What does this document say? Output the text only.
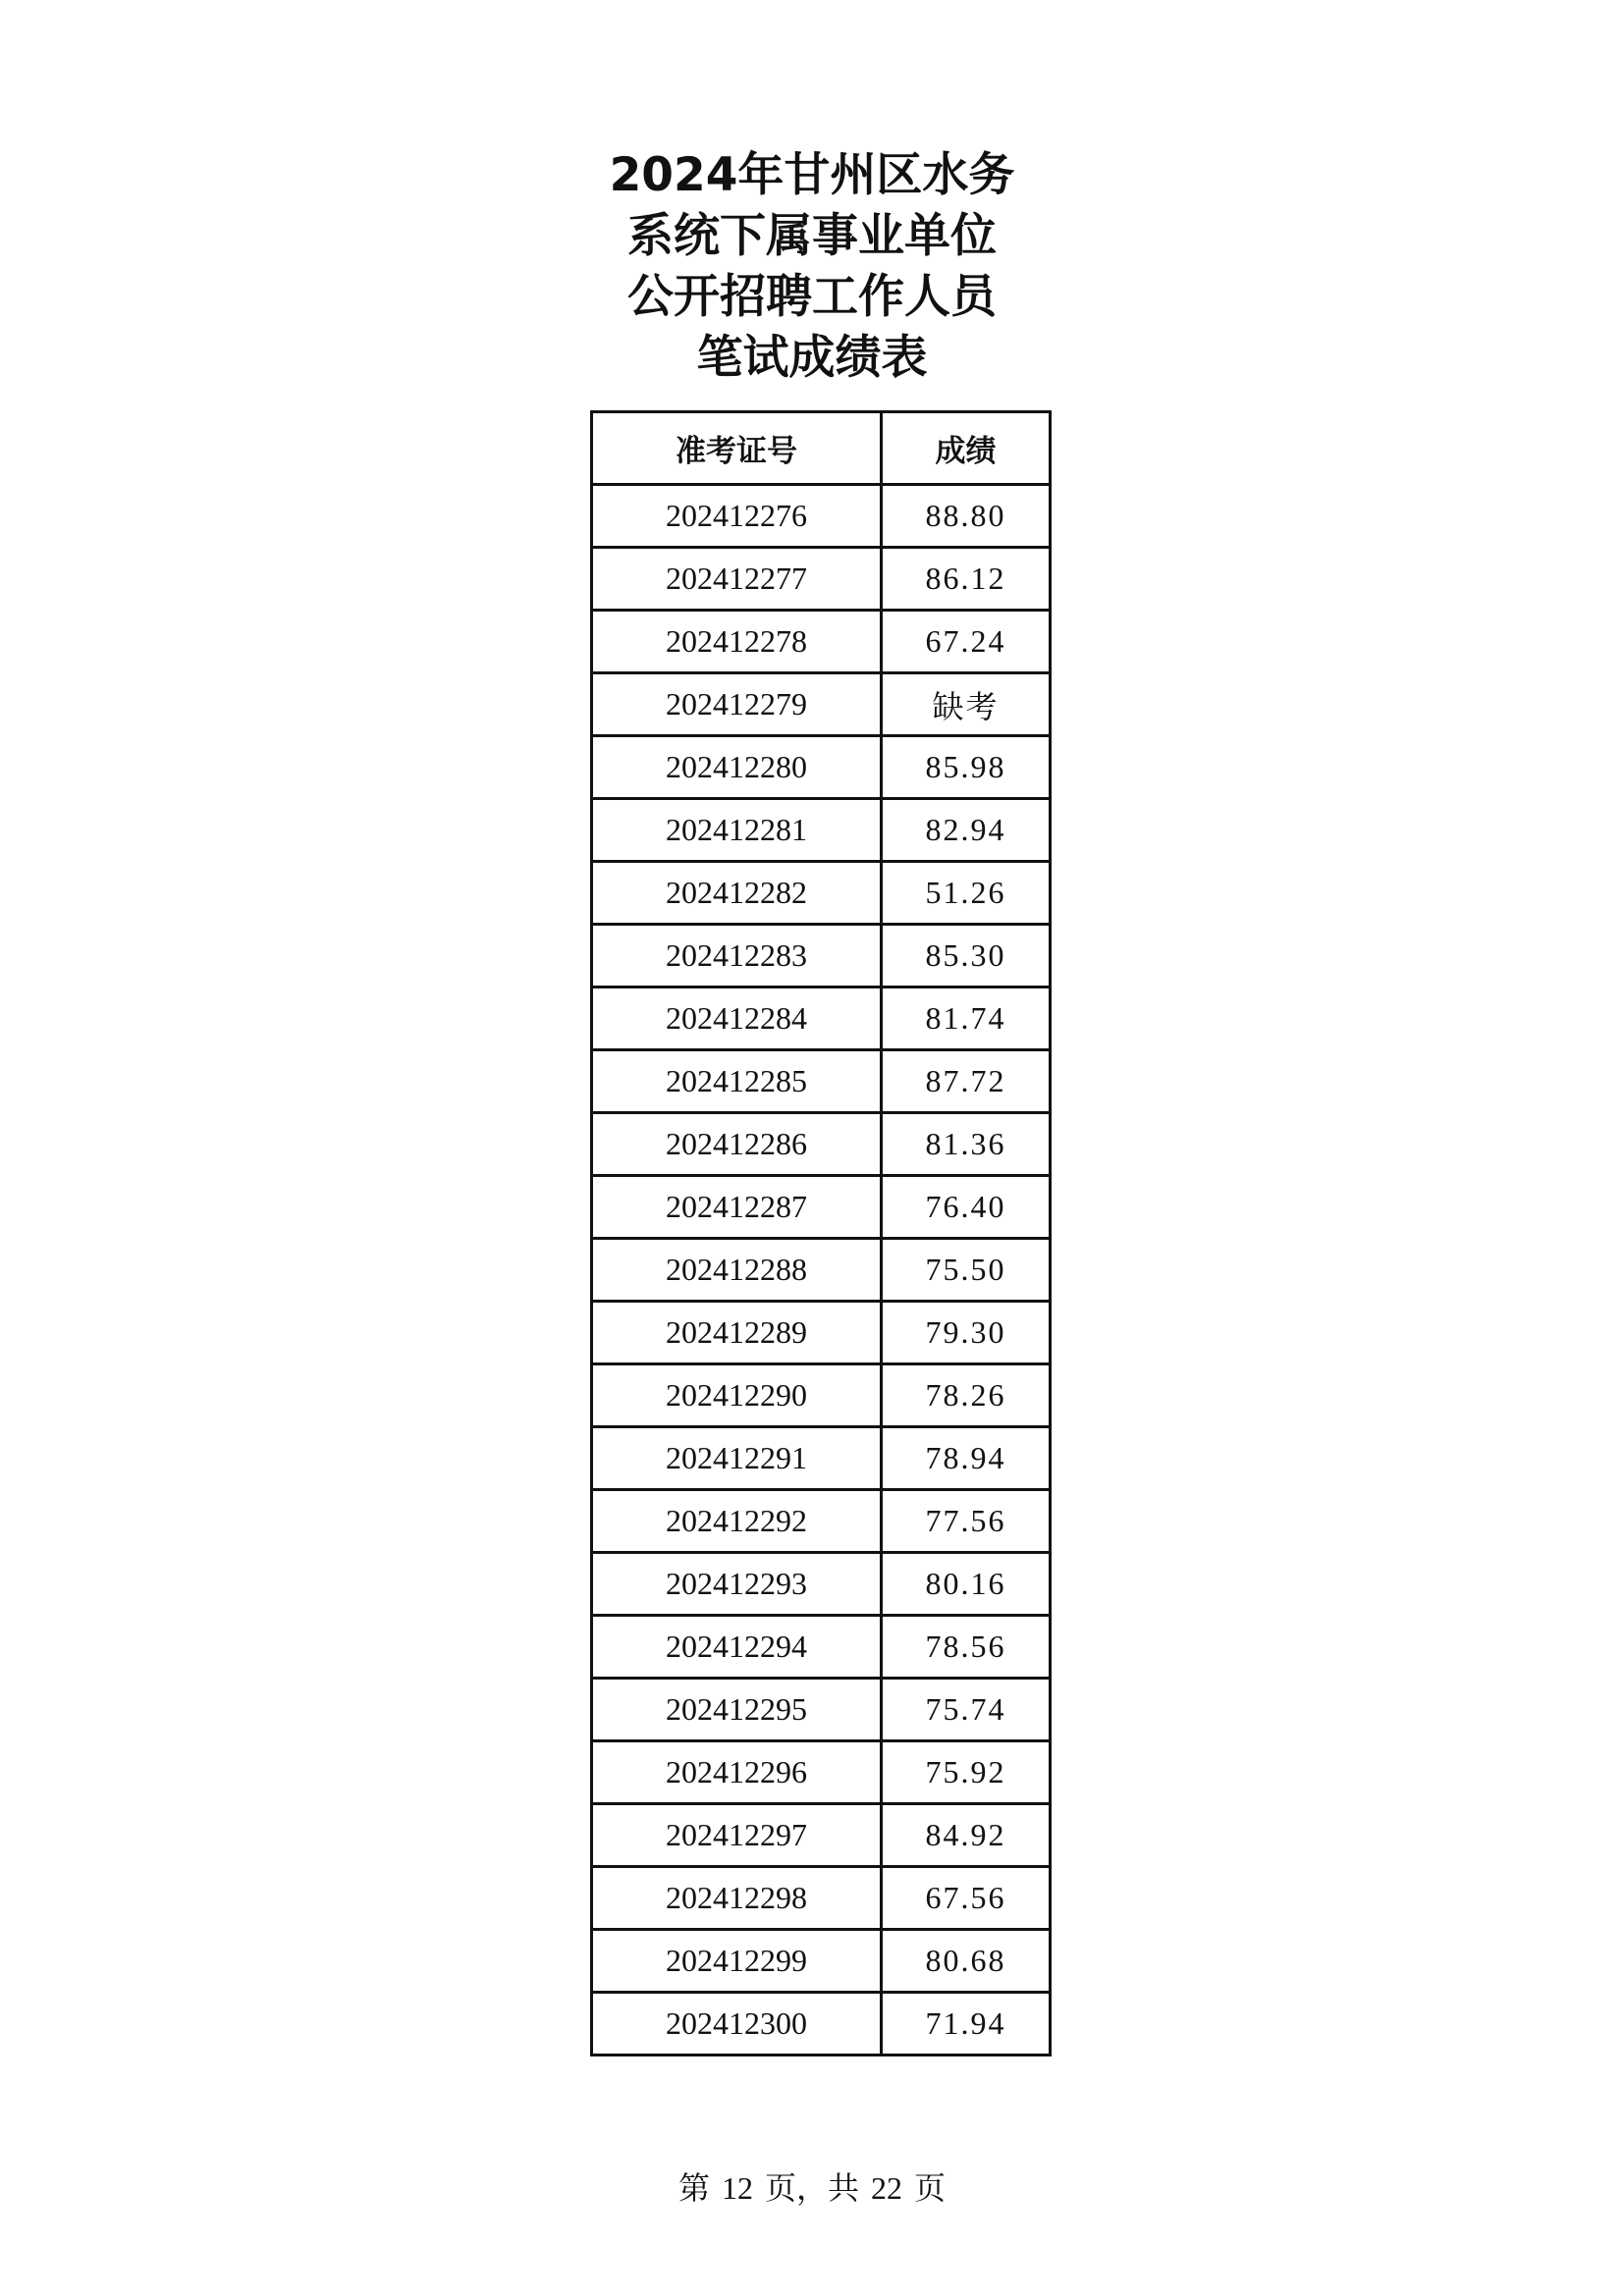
2024年甘州区水务
系统下属事业单位
公开招聘工作人员
笔试成绩表
准考证号	成绩
202412276	88.80
202412277	86.12
202412278	67.24
202412279	缺考
202412280	85.98
202412281	82.94
202412282	51.26
202412283	85.30
202412284	81.74
202412285	87.72
202412286	81.36
202412287	76.40
202412288	75.50
202412289	79.30
202412290	78.26
202412291	78.94
202412292	77.56
202412293	80.16
202412294	78.56
202412295	75.74
202412296	75.92
202412297	84.92
202412298	67.56
202412299	80.68
202412300	71.94
第 12 页，共 22 页
